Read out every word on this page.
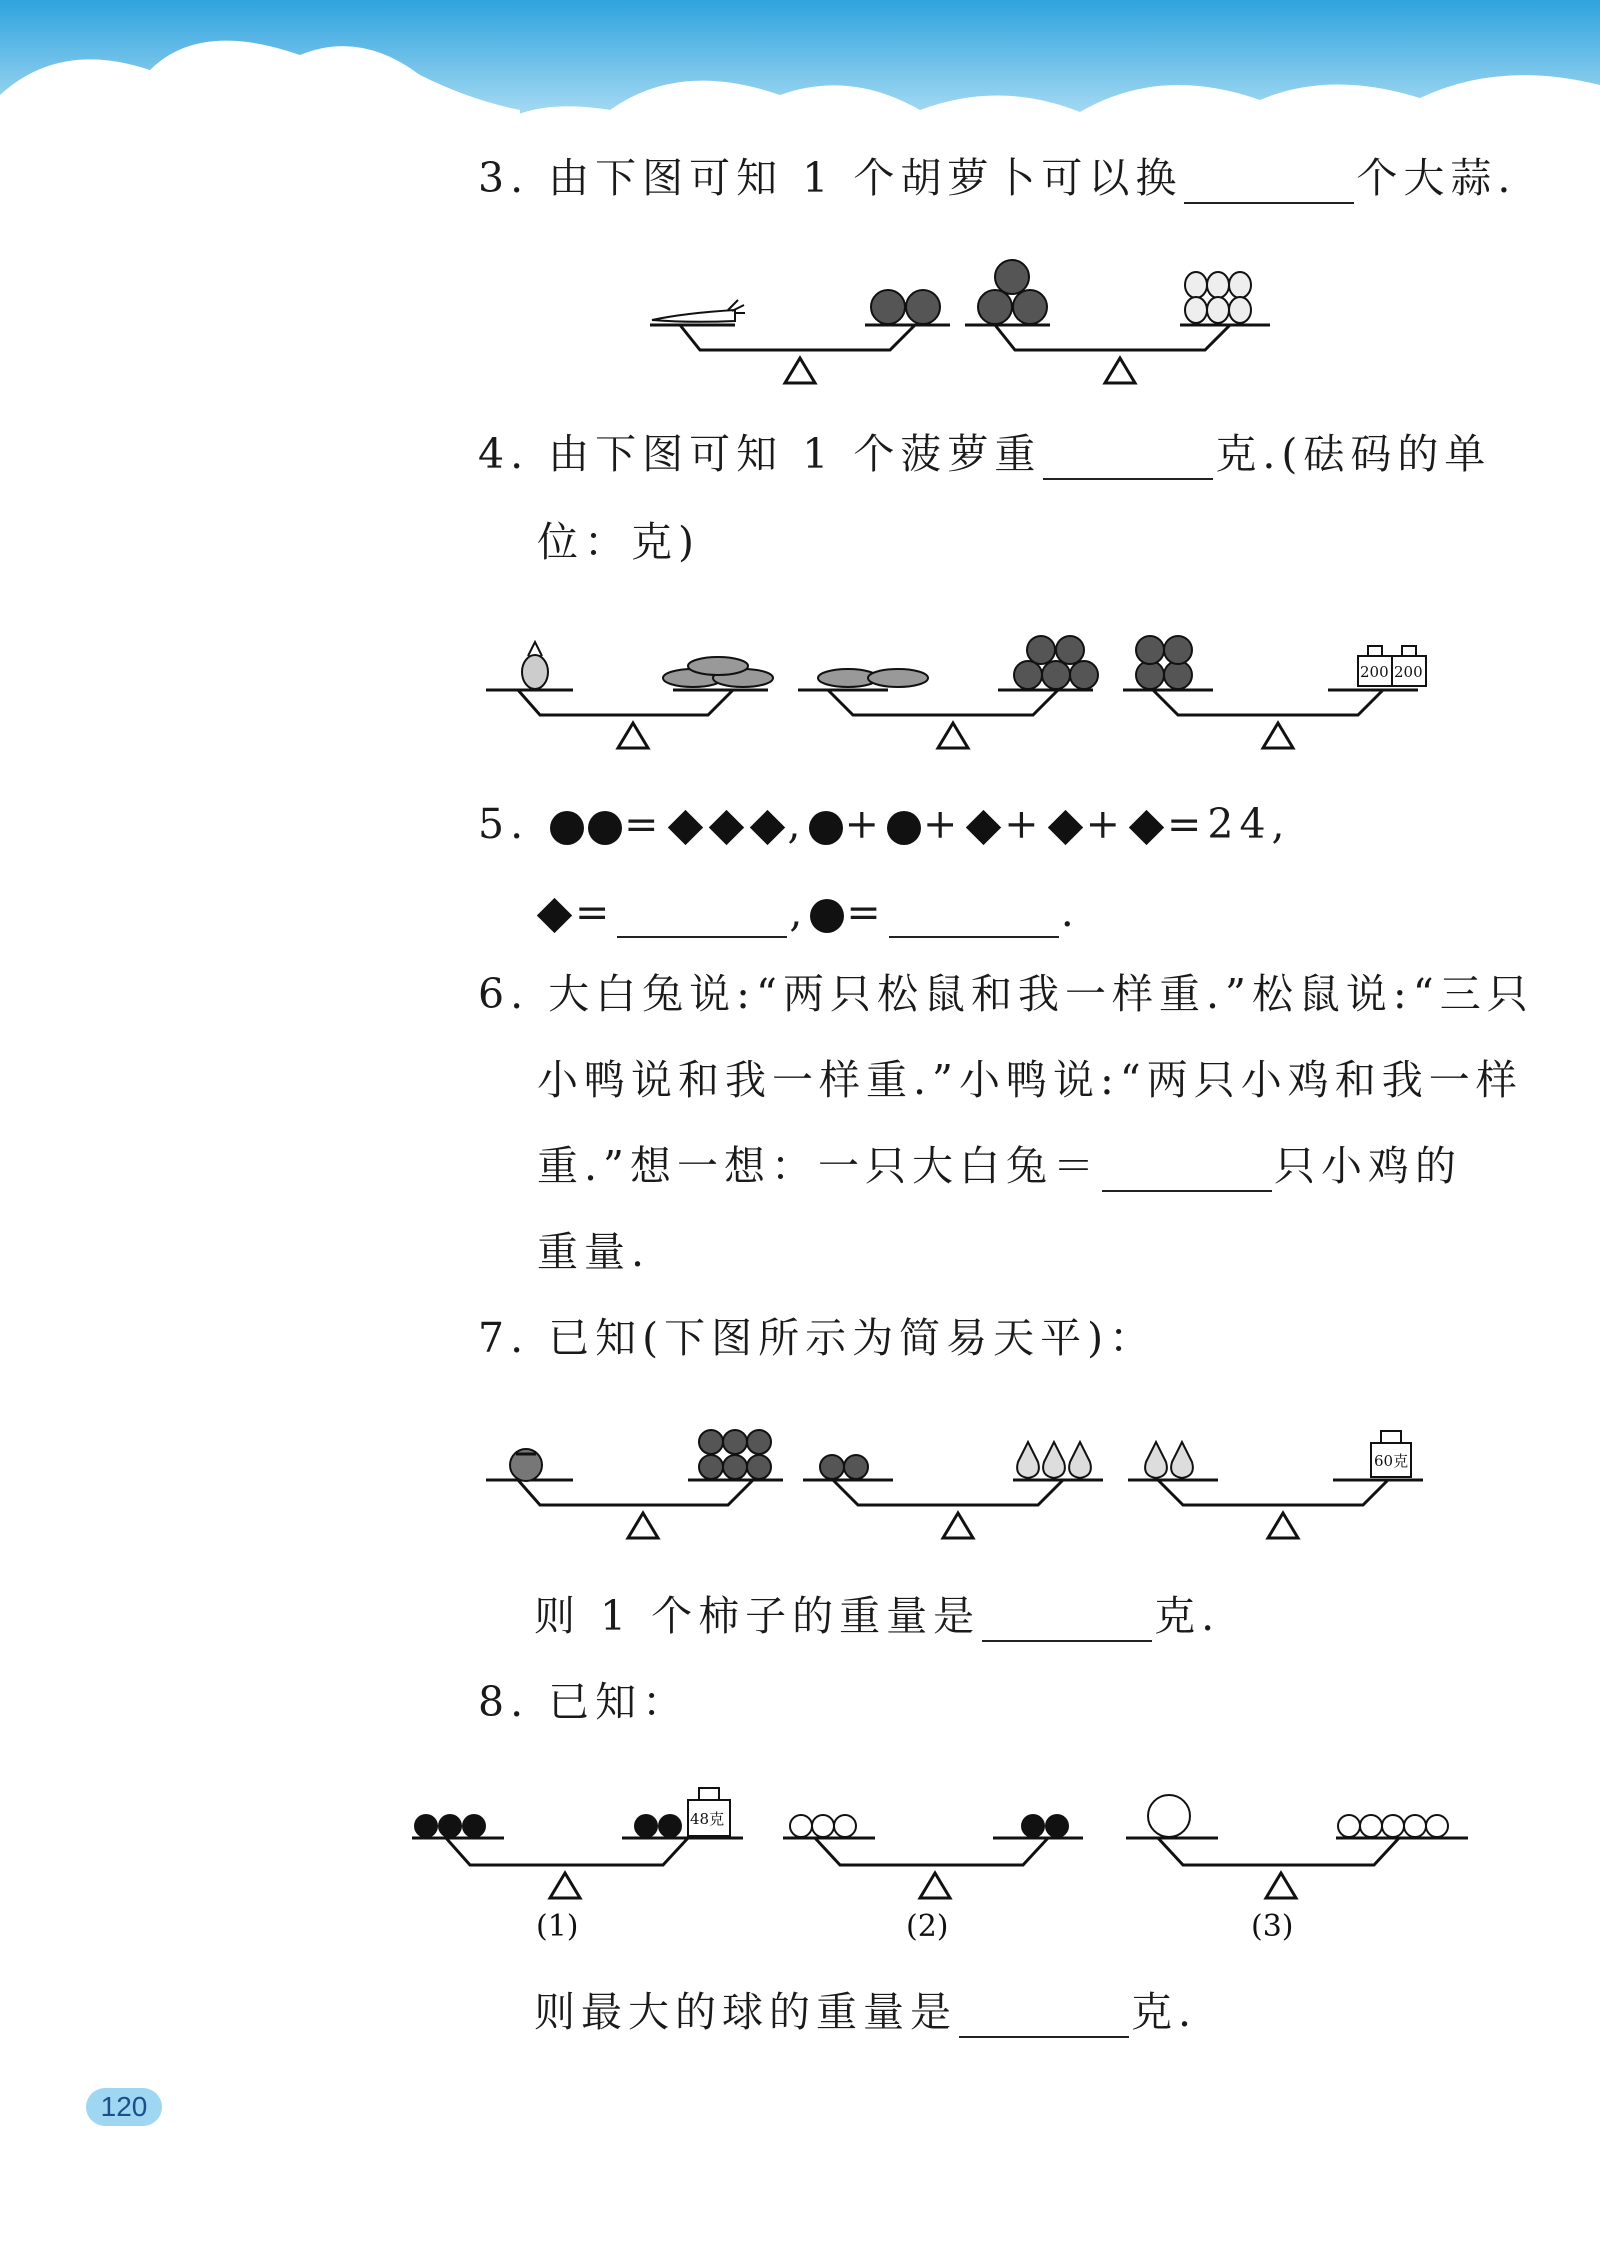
3. 由下图可知 1 个胡萝卜可以换	个大蒜.
4. 由下图可知 1 个菠萝重	克.(砝码的单
位：克)
200 200
5. =	, + + + + =24,
=	, =	.
6. 大白兔说:“两只松鼠和我一样重.”松鼠说:“三只
小鸭说和我一样重.”小鸭说:“两只小鸡和我一样
重.”想一想：一只大白兔＝	只小鸡的
重量.
7. 已知(下图所示为简易天平)：
60克
则 1 个柿子的重量是	克.
8. 已知：
48克
(1)	(2)	(3)
则最大的球的重量是	克.
120
